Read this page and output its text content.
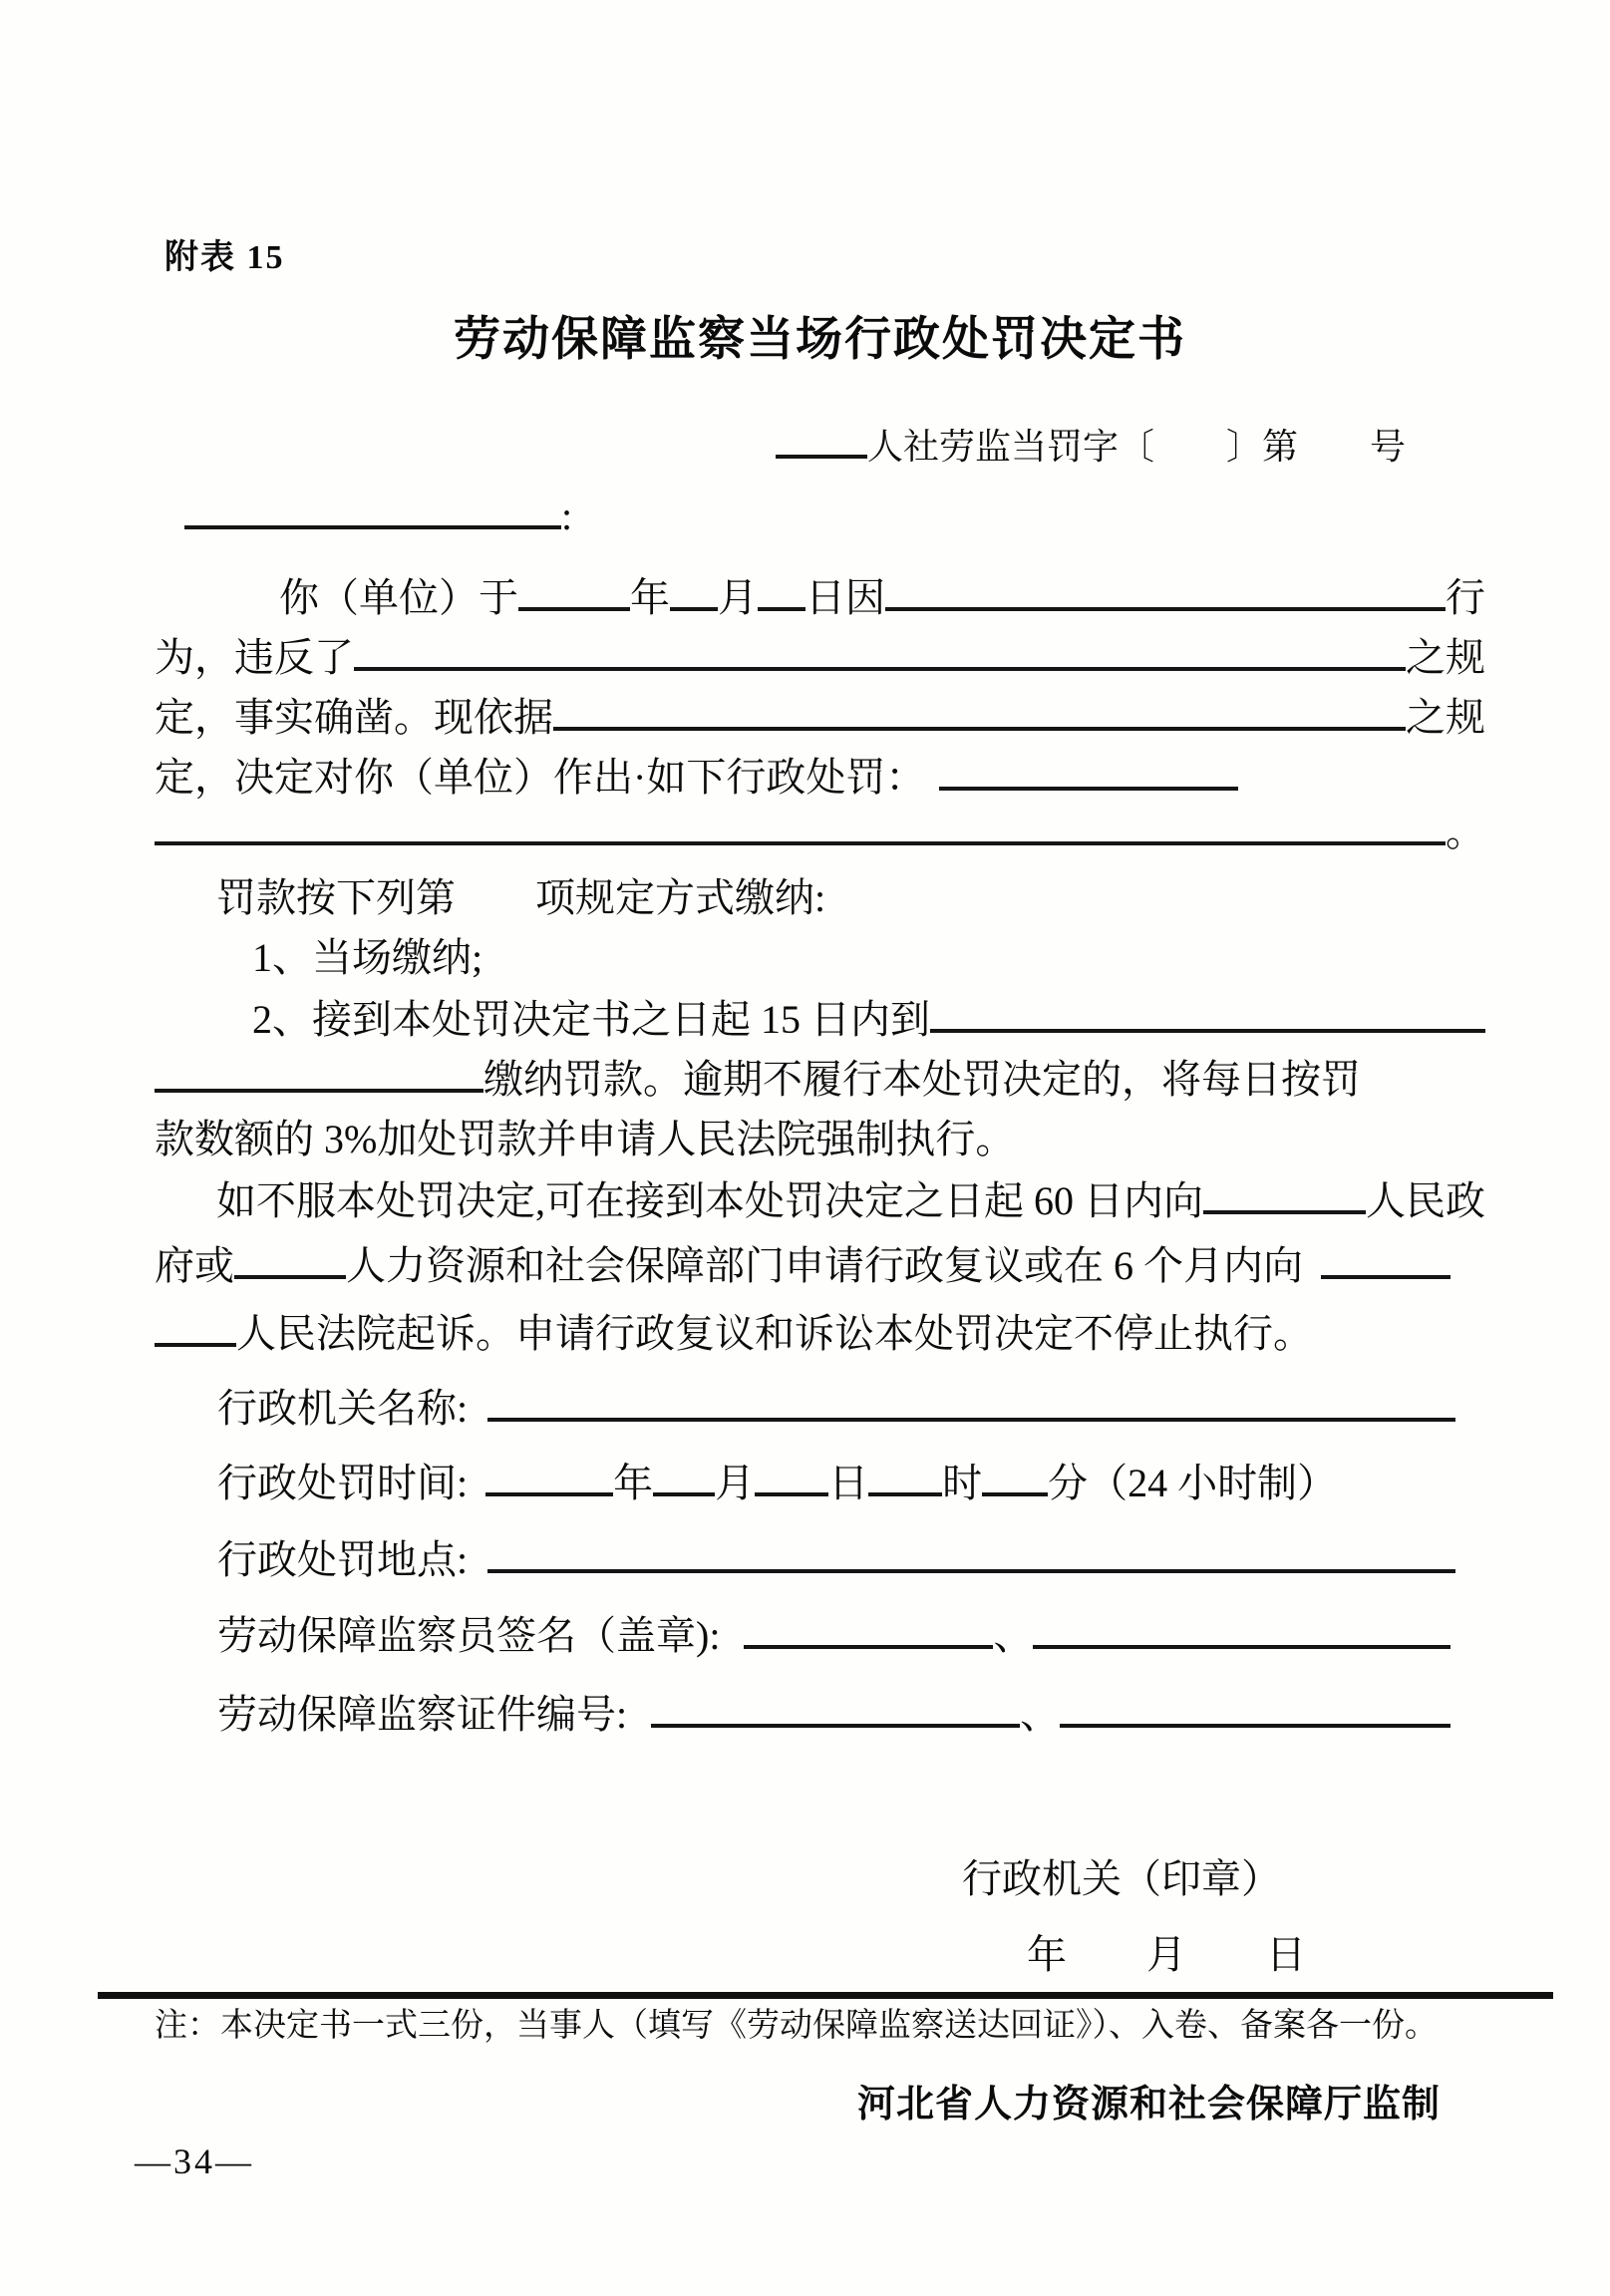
附表 15
劳动保障监察当场行政处罚决定书
人社劳监当罚字〔　　〕第　　号
:
你（单位）于	年 月 日因	行
为，违反了	之规
定，事实确凿。现依据	之规
定，决定对你（单位）作出·如下行政处罚：
。
罚款按下列第　　项规定方式缴纳:
1、当场缴纳;
2、接到本处罚决定书之日起 15 日内到
缴纳罚款。逾期不履行本处罚决定的，将每日按罚
款数额的 3%加处罚款并申请人民法院强制执行。
如不服本处罚决定,可在接到本处罚决定之日起 60 日内向	人民政
府或	人力资源和社会保障部门申请行政复议或在 6 个月内向
人民法院起诉。申请行政复议和诉讼本处罚决定不停止执行。
行政机关名称:
行政处罚时间:	年 月 日 时 分（24 小时制）
行政处罚地点:
劳动保障监察员签名（盖章):	、
劳动保障监察证件编号:	、
行政机关（印章）
年　　月　　日
注：本决定书一式三份，当事人（填写《劳动保障监察送达回证》）、入卷、备案各一份。
河北省人力资源和社会保障厅监制
—34—
